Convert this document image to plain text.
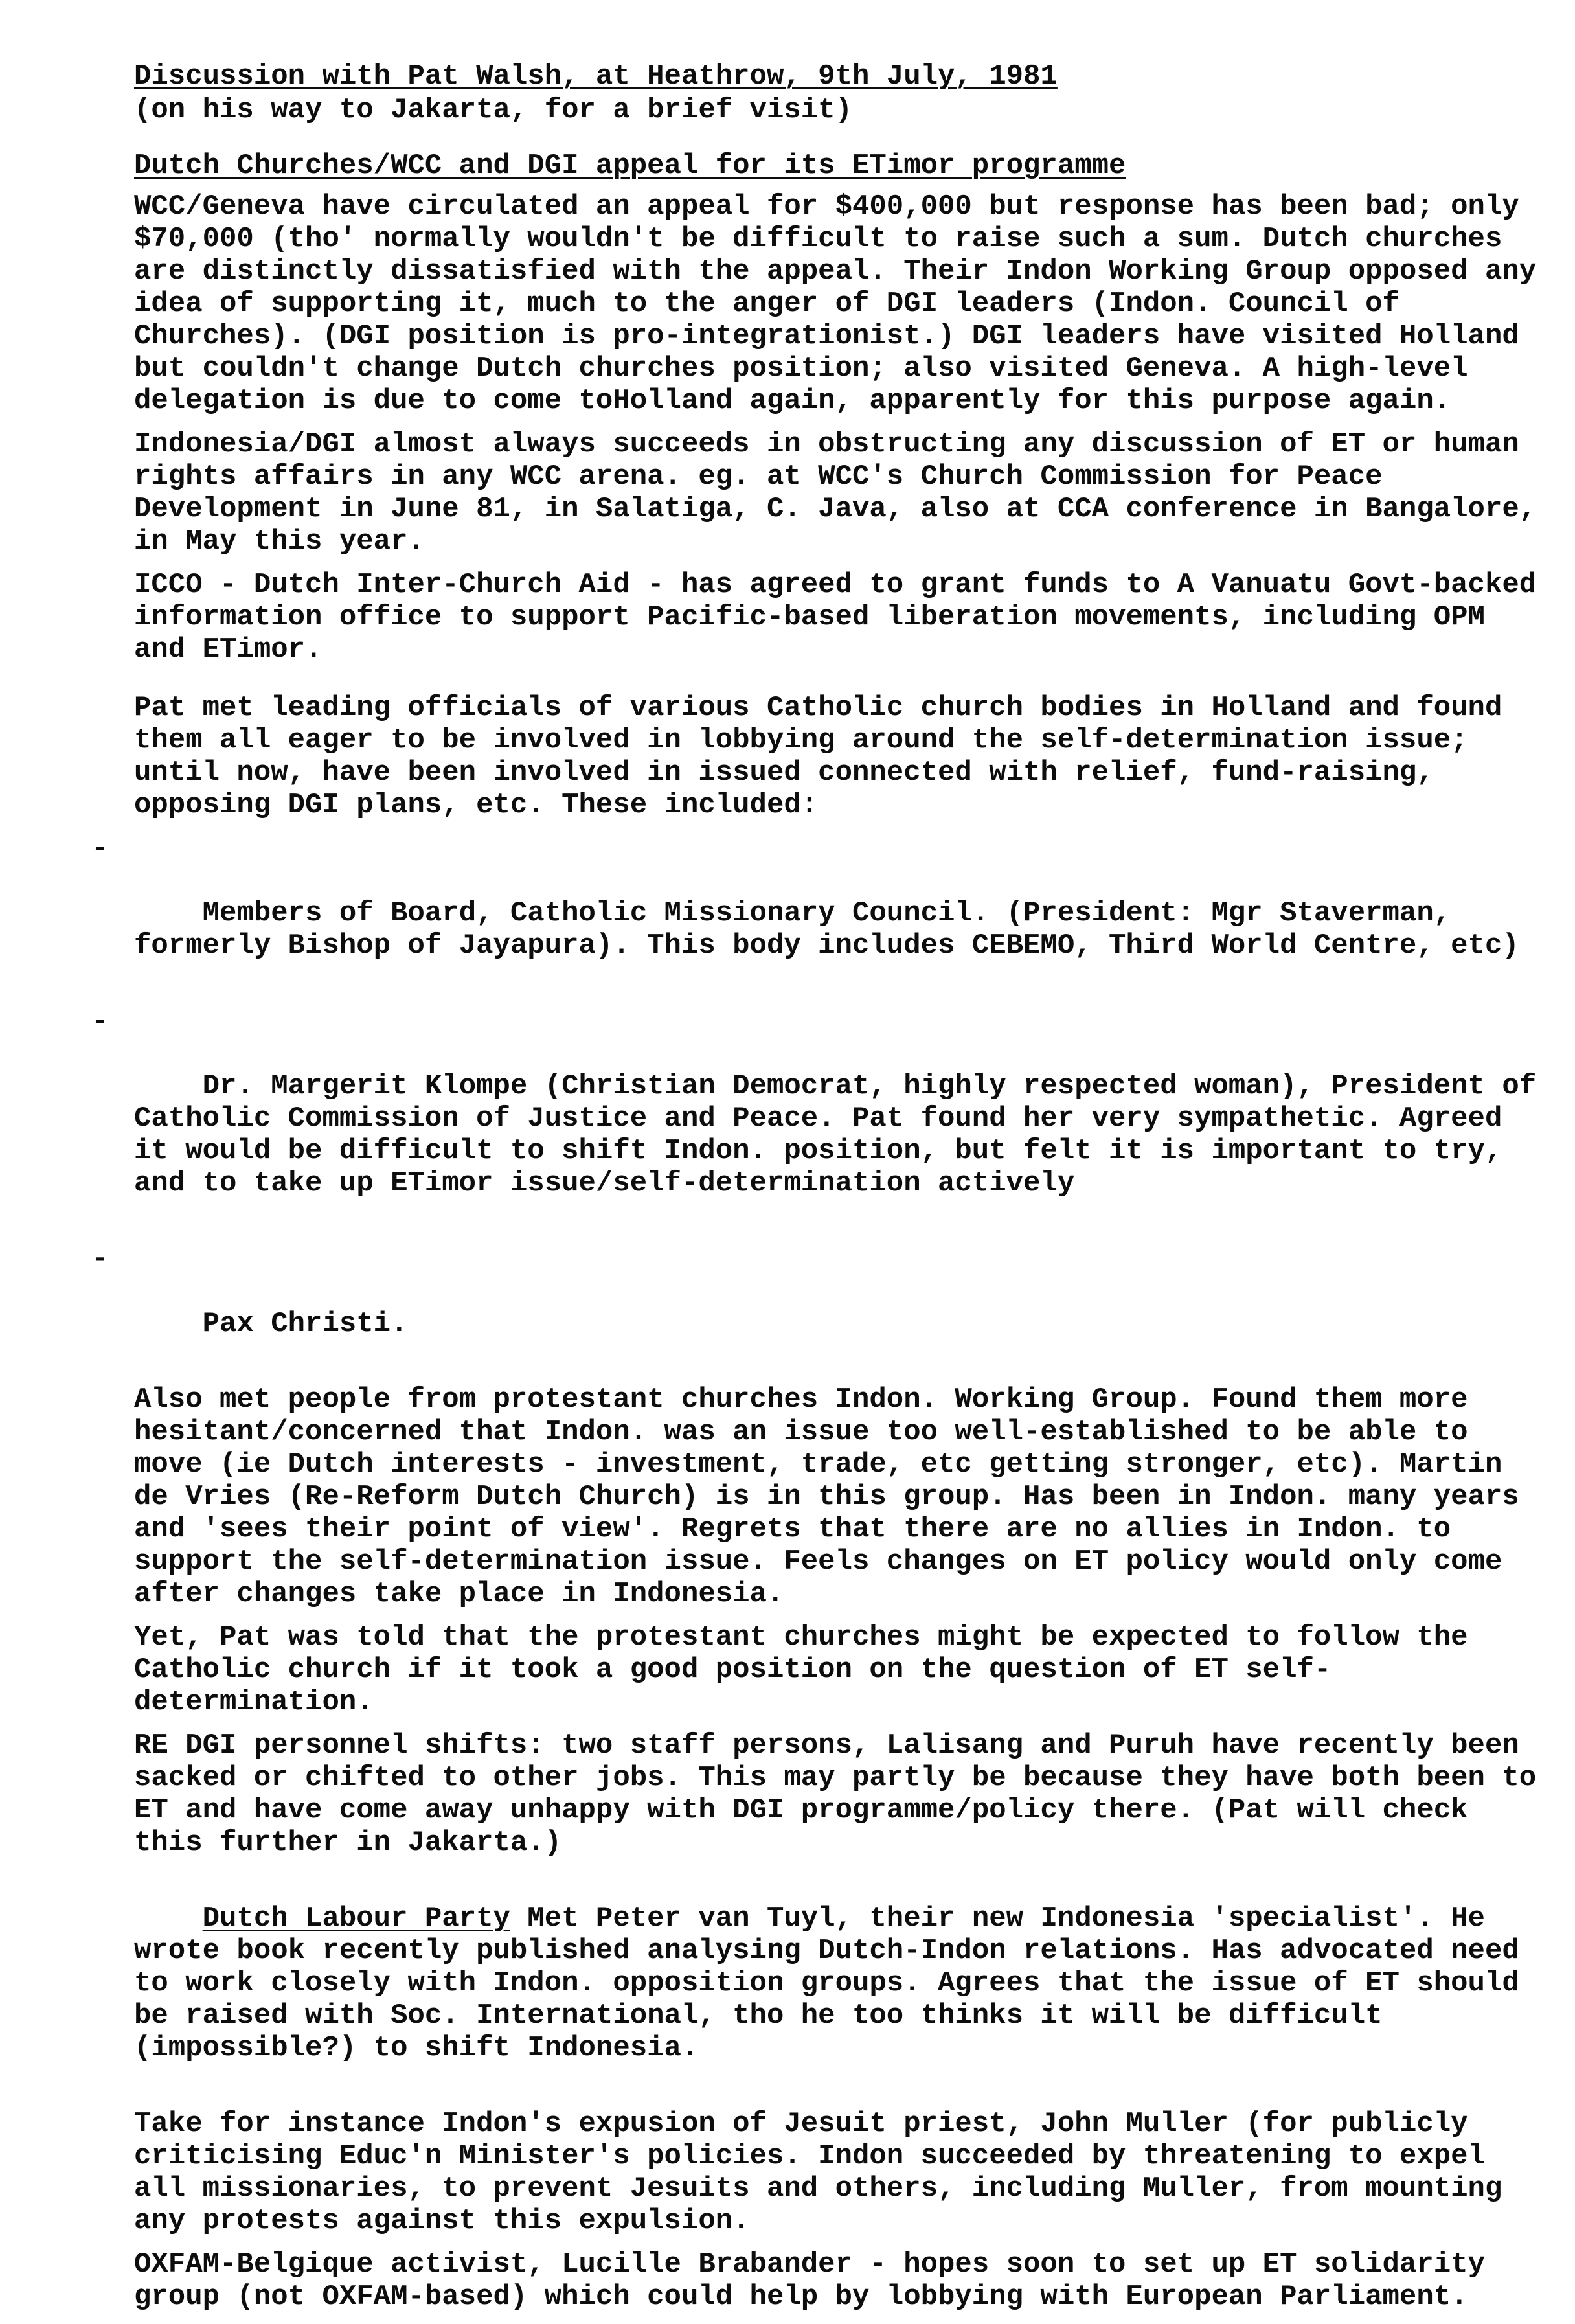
Discussion with Pat Walsh, at Heathrow, 9th July, 1981
(on his way to Jakarta, for a brief visit)
Dutch Churches/WCC and DGI appeal for its ETimor programme
WCC/Geneva have circulated an appeal for $400,000 but response has been bad; only $70,000 (tho' normally wouldn't be difficult to raise such a sum. Dutch churches are distinctly dissatisfied with the appeal. Their Indon Working Group opposed any idea of supporting it, much to the anger of DGI leaders (Indon. Council of Churches). (DGI position is pro-integrationist.) DGI leaders have visited Holland but couldn't change Dutch churches position; also visited Geneva. A high-level delegation is due to come toHolland again, apparently for this purpose again.
Indonesia/DGI almost always succeeds in obstructing any discussion of ET or human rights affairs in any WCC arena. eg. at WCC's Church Commission for Peace Development in June 81, in Salatiga, C. Java, also at CCA conference in Bangalore, in May this year.
ICCO - Dutch Inter-Church Aid - has agreed to grant funds to A Vanuatu Govt-backed information office to support Pacific-based liberation movements, including OPM and ETimor.
Pat met leading officials of various Catholic church bodies in Holland and found them all eager to be involved in lobbying around the self-determination issue; until now, have been involved in issued connected with relief, fund-raising, opposing DGI plans, etc. These included:

-

Members of Board, Catholic Missionary Council. (President: Mgr Staverman, formerly Bishop of Jayapura). This body includes CEBEMO, Third World Centre, etc)

-

Dr. Margerit Klompe (Christian Democrat, highly respected woman), President of Catholic Commission of Justice and Peace. Pat found her very sympathetic. Agreed it would be difficult to shift Indon. position, but felt it is important to try, and to take up ETimor issue/self-determination actively

-

Pax Christi.

Also met people from protestant churches Indon. Working Group. Found them more hesitant/concerned that Indon. was an issue too well-established to be able to move (ie Dutch interests - investment, trade, etc getting stronger, etc). Martin de Vries (Re-Reform Dutch Church) is in this group. Has been in Indon. many years and 'sees their point of view'. Regrets that there are no allies in Indon. to support the self-determination issue. Feels changes on ET policy would only come after changes take place in Indonesia.
Yet, Pat was told that the protestant churches might be expected to follow the Catholic church if it took a good position on the question of ET self-determination.
RE DGI personnel shifts: two staff persons, Lalisang and Puruh have recently been sacked or chifted to other jobs. This may partly be because they have both been to ET and have come away unhappy with DGI programme/policy there. (Pat will check this further in Jakarta.)

Dutch Labour Party Met Peter van Tuyl, their new Indonesia 'specialist'. He wrote book recently published analysing Dutch-Indon relations. Has advocated need to work closely with Indon. opposition groups. Agrees that the issue of ET should be raised with Soc. International, tho he too thinks it will be difficult (impossible?) to shift Indonesia.

Take for instance Indon's expusion of Jesuit priest, John Muller (for publicly criticising Educ'n Minister's policies. Indon succeeded by threatening to expel all missionaries, to prevent Jesuits and others, including Muller, from mounting any protests against this expulsion.
OXFAM-Belgique activist, Lucille Brabander - hopes soon to set up ET solidarity group (not OXFAM-based) which could help by lobbying with European Parliament.
